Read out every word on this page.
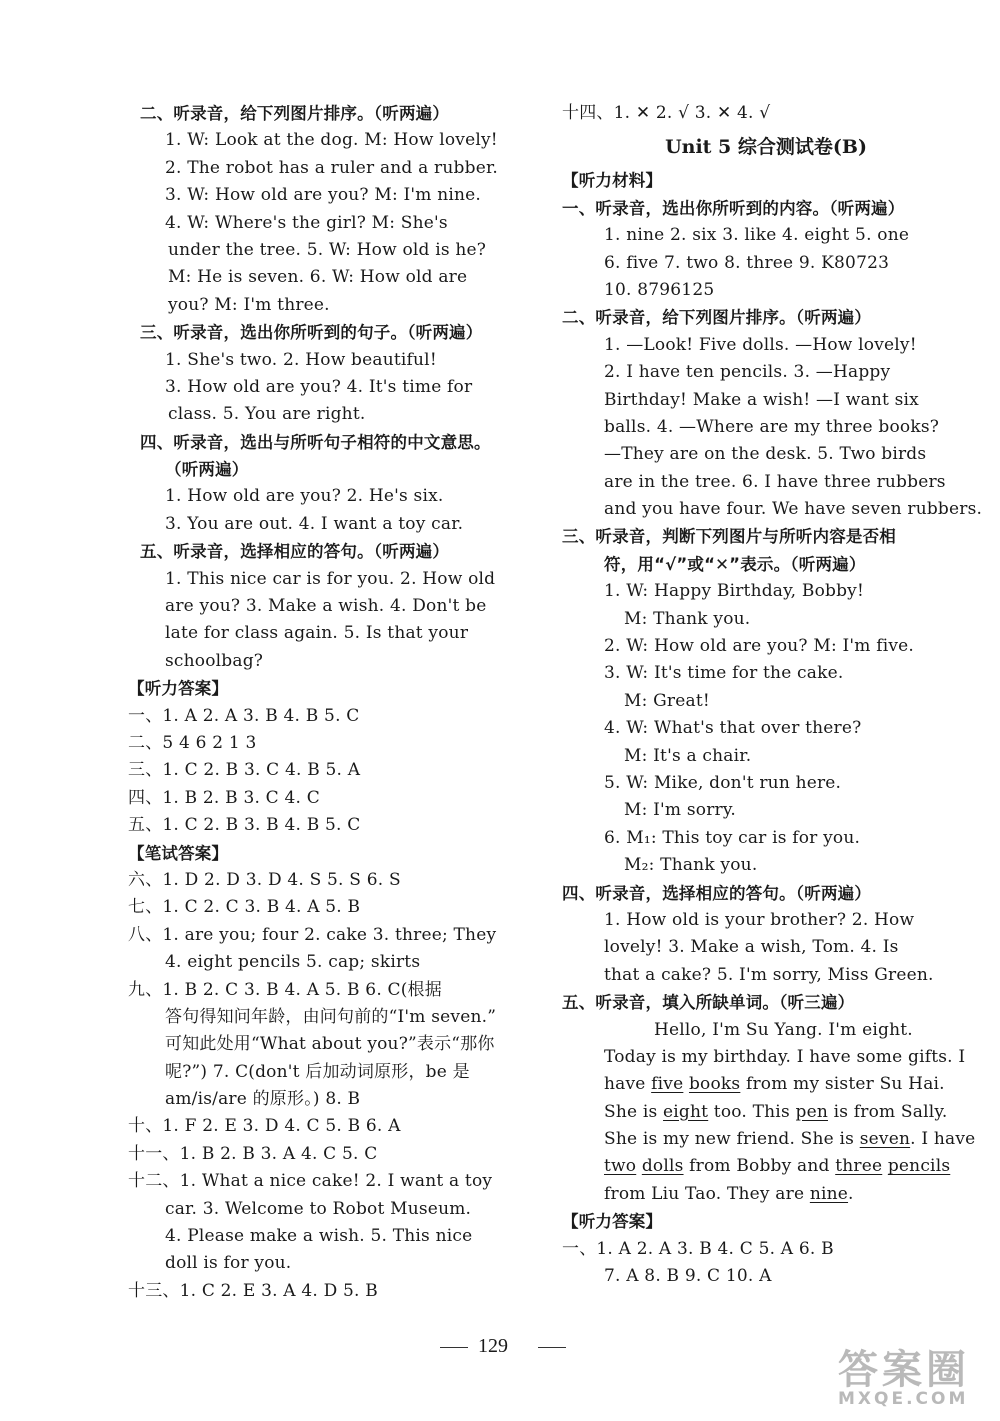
二、听录音，给下列图片排序。（听两遍）
1. W: Look at the dog. M: How lovely!
2. The robot has a ruler and a rubber.
3. W: How old are you? M: I'm nine.
4. W: Where's the girl? M: She's
under the tree. 5. W: How old is he?
M: He is seven. 6. W: How old are
you? M: I'm three.
三、听录音，选出你所听到的句子。（听两遍）
1. She's two. 2. How beautiful!
3. How old are you? 4. It's time for
class. 5. You are right.
四、听录音，选出与所听句子相符的中文意思。
（听两遍）
1. How old are you? 2. He's six.
3. You are out. 4. I want a toy car.
五、听录音，选择相应的答句。（听两遍）
1. This nice car is for you. 2. How old
are you? 3. Make a wish. 4. Don't be
late for class again. 5. Is that your
schoolbag?
【听力答案】
一、1. A 2. A 3. B 4. B 5. C
二、5 4 6 2 1 3
三、1. C 2. B 3. C 4. B 5. A
四、1. B 2. B 3. C 4. C
五、1. C 2. B 3. B 4. B 5. C
【笔试答案】
六、1. D 2. D 3. D 4. S 5. S 6. S
七、1. C 2. C 3. B 4. A 5. B
八、1. are you; four 2. cake 3. three; They
4. eight pencils 5. cap; skirts
九、1. B 2. C 3. B 4. A 5. B 6. C(根据
答句得知问年龄，由问句前的“I'm seven.”
可知此处用“What about you?”表示“那你
呢?”) 7. C(don't 后加动词原形，be 是
am/is/are 的原形。) 8. B
十、1. F 2. E 3. D 4. C 5. B 6. A
十一、1. B 2. B 3. A 4. C 5. C
十二、1. What a nice cake! 2. I want a toy
car. 3. Welcome to Robot Museum.
4. Please make a wish. 5. This nice
doll is for you.
十三、1. C 2. E 3. A 4. D 5. B
十四、1. ✕ 2. √ 3. ✕ 4. √
Unit 5 综合测试卷(B)
【听力材料】
一、听录音，选出你所听到的内容。（听两遍）
1. nine 2. six 3. like 4. eight 5. one
6. five 7. two 8. three 9. K80723
10. 8796125
二、听录音，给下列图片排序。（听两遍）
1. —Look! Five dolls. —How lovely!
2. I have ten pencils. 3. —Happy
Birthday! Make a wish! —I want six
balls. 4. —Where are my three books?
—They are on the desk. 5. Two birds
are in the tree. 6. I have three rubbers
and you have four. We have seven rubbers.
三、听录音，判断下列图片与所听内容是否相
符，用“√”或“✕”表示。（听两遍）
1. W: Happy Birthday, Bobby!
M: Thank you.
2. W: How old are you? M: I'm five.
3. W: It's time for the cake.
M: Great!
4. W: What's that over there?
M: It's a chair.
5. W: Mike, don't run here.
M: I'm sorry.
6. M₁: This toy car is for you.
M₂: Thank you.
四、听录音，选择相应的答句。（听两遍）
1. How old is your brother? 2. How
lovely! 3. Make a wish, Tom. 4. Is
that a cake? 5. I'm sorry, Miss Green.
五、听录音，填入所缺单词。（听三遍）
Hello, I'm Su Yang. I'm eight.
Today is my birthday. I have some gifts. I
have five books from my sister Su Hai.
She is eight too. This pen is from Sally.
She is my new friend. She is seven. I have
two dolls from Bobby and three pencils
from Liu Tao. They are nine.
【听力答案】
一、1. A 2. A 3. B 4. C 5. A 6. B
7. A 8. B 9. C 10. A
129
答案圈
MXQE.COM
